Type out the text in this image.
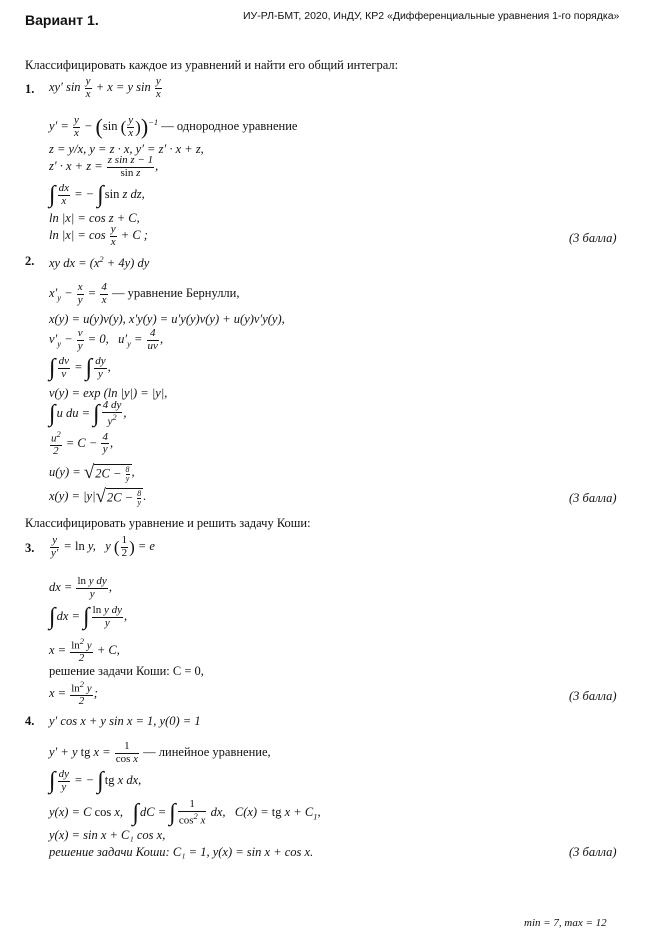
Вариант 1.	ИУ-РЛ-БМТ, 2020, ИнДУ, КР2 «Дифференциальные уравнения 1-го порядка»
Классифицировать каждое из уравнений и найти его общий интеграл:
1. xy′ $\sin \frac{y}{x} + x = y$ $\sin \frac{y}{x}$
$y' = \frac{y}{x} - (\sin$ ( $\frac{y}{x} ))^{-1}$ — однородное уравнение
z = y/x, y = z · x, y′ = z′ · x + z,
$z' \cdot x + z = \frac{\text{z sin z − 1}}{\text{sin z}}$ ,
∫ $\frac{dx}{x}$ = − ∫sin z dz,
ln |x| = cos z + C,
$\ln |x| = \cos \frac{y}{x} + C$ ;	(3 балла)
2. xy dx = $(x^2 + 4y)$ dy
$x'_y - \frac{x}{y} = \frac{4}{x}$ — уравнение Бернулли,
x(y) = u(y)v(y), x′y(y) = u′y(y)v(y) + u(y)v′y(y),
$v'_y - \frac{v}{y} = 0$,   $u'_y = \frac{4}{uv}$ ,
∫ $\frac{dv}{v}$ = ∫ $\frac{dy}{y}$ ,
v(y) = exp (ln |y|) = |y|,
∫u du = ∫ $\frac{4 dy}{y^2}$ ,
$\frac{u^2}{2} = C - \frac{4}{y}$ ,
$u(y) = √2C - \frac{8}{y}$ ,
$x(y) = |y|√2C - \frac{8}{y}$ .	(3 балла)
Классифицировать уравнение и решить задачу Коши:
3. $\frac{y}{y'} = \ln y$,   y ( $\frac{1}{2}$ ) = e
dx = $\frac{\text{ln y dy}}{y}$ ,
∫dx = ∫ $\frac{\text{ln y dy}}{y}$ ,
$x = \frac{\ln^2 y}{2} + C$,
решение задачи Коши: C = 0,
$x = \frac{\ln^2 y}{2}$ ;	(3 балла)
4. y′ cos x + y sin x = 1, y(0) = 1
y′ + y tg $x = \frac{1}{\text{cos x}}$ — линейное уравнение,
∫ $\frac{dy}{y}$ = − ∫tg x dx,
y(x) = C cos x,   ∫dC = ∫ $\frac{1}{\cos^2 x}$ dx,   C(x) = tg $x + C_1$,
y(x) = sin x + C₁ cos x,
решение задачи Коши: C₁ = 1, y(x) = sin x + cos x.	(3 балла)
min = 7, max = 12
